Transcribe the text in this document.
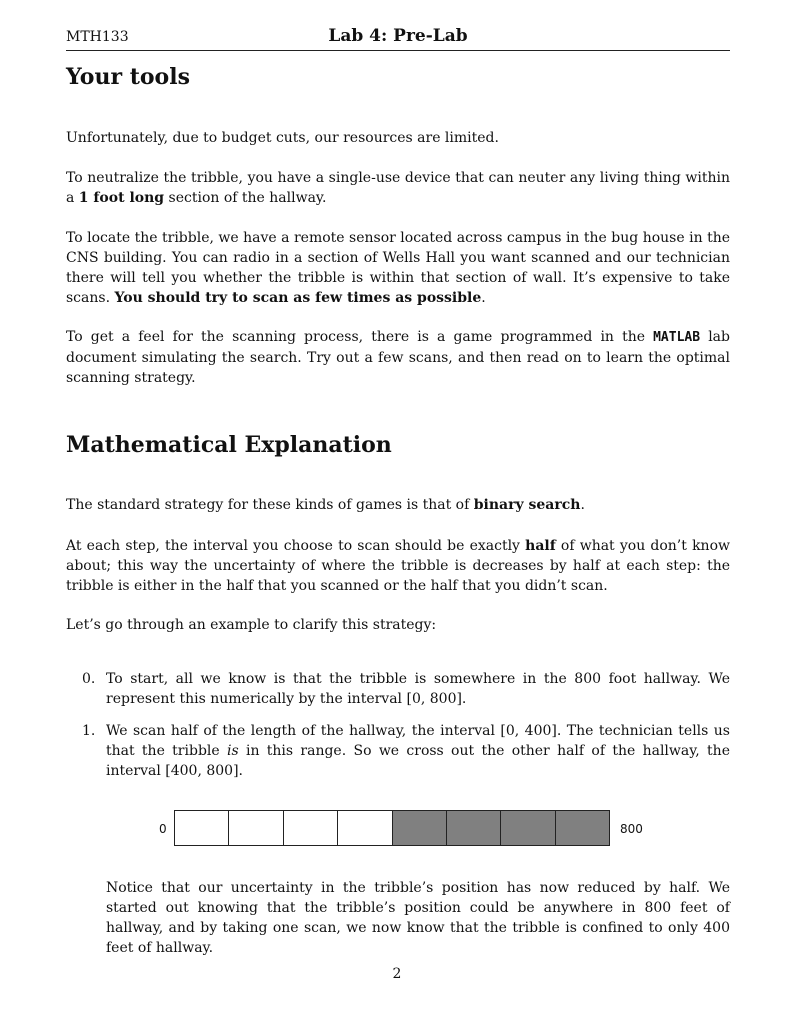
MTH133	Lab 4: Pre-Lab
Your tools

Unfortunately, due to budget cuts, our resources are limited.

To neutralize the tribble, you have a single-use device that can neuter any living thing within a 1 foot long section of the hallway.

To locate the tribble, we have a remote sensor located across campus in the bug house in the CNS building. You can radio in a section of Wells Hall you want scanned and our technician there will tell you whether the tribble is within that section of wall. It’s expensive to take scans. You should try to scan as few times as possible.

To get a feel for the scanning process, there is a game programmed in the MATLAB lab document simulating the search. Try out a few scans, and then read on to learn the optimal scanning strategy.

Mathematical Explanation

The standard strategy for these kinds of games is that of binary search.

At each step, the interval you choose to scan should be exactly half of what you don’t know about; this way the uncertainty of where the tribble is decreases by half at each step: the tribble is either in the half that you scanned or the half that you didn’t scan.

Let’s go through an example to clarify this strategy:

0. To start, all we know is that the tribble is somewhere in the 800 foot hallway. We represent this numerically by the interval [0, 800].
1. We scan half of the length of the hallway, the interval [0, 400]. The technician tells us that the tribble is in this range. So we cross out the other half of the hallway, the interval [400, 800].
0	800

Notice that our uncertainty in the tribble’s position has now reduced by half. We started out knowing that the tribble’s position could be anywhere in 800 feet of hallway, and by taking one scan, we now know that the tribble is confined to only 400 feet of hallway.

2
